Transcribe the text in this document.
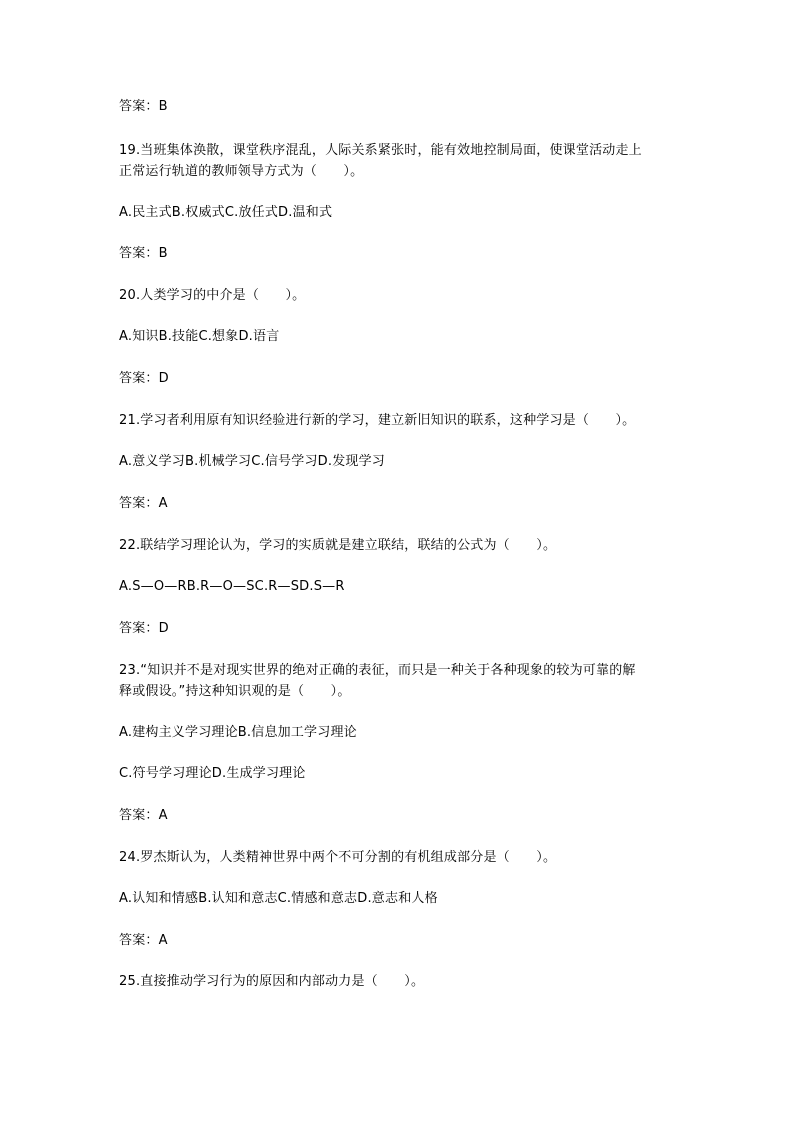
答案：B
19.当班集体涣散，课堂秩序混乱，人际关系紧张时，能有效地控制局面，使课堂活动走上
正常运行轨道的教师领导方式为（　　）。
A.民主式B.权威式C.放任式D.温和式
答案：B
20.人类学习的中介是（　　）。
A.知识B.技能C.想象D.语言
答案：D
21.学习者利用原有知识经验进行新的学习，建立新旧知识的联系，这种学习是（　　）。
A.意义学习B.机械学习C.信号学习D.发现学习
答案：A
22.联结学习理论认为，学习的实质就是建立联结，联结的公式为（　　）。
A.S—O—RB.R—O—SC.R—SD.S—R
答案：D
23.“知识并不是对现实世界的绝对正确的表征，而只是一种关于各种现象的较为可靠的解
释或假设。”持这种知识观的是（　　）。
A.建构主义学习理论B.信息加工学习理论
C.符号学习理论D.生成学习理论
答案：A
24.罗杰斯认为，人类精神世界中两个不可分割的有机组成部分是（　　）。
A.认知和情感B.认知和意志C.情感和意志D.意志和人格
答案：A
25.直接推动学习行为的原因和内部动力是（　　）。
